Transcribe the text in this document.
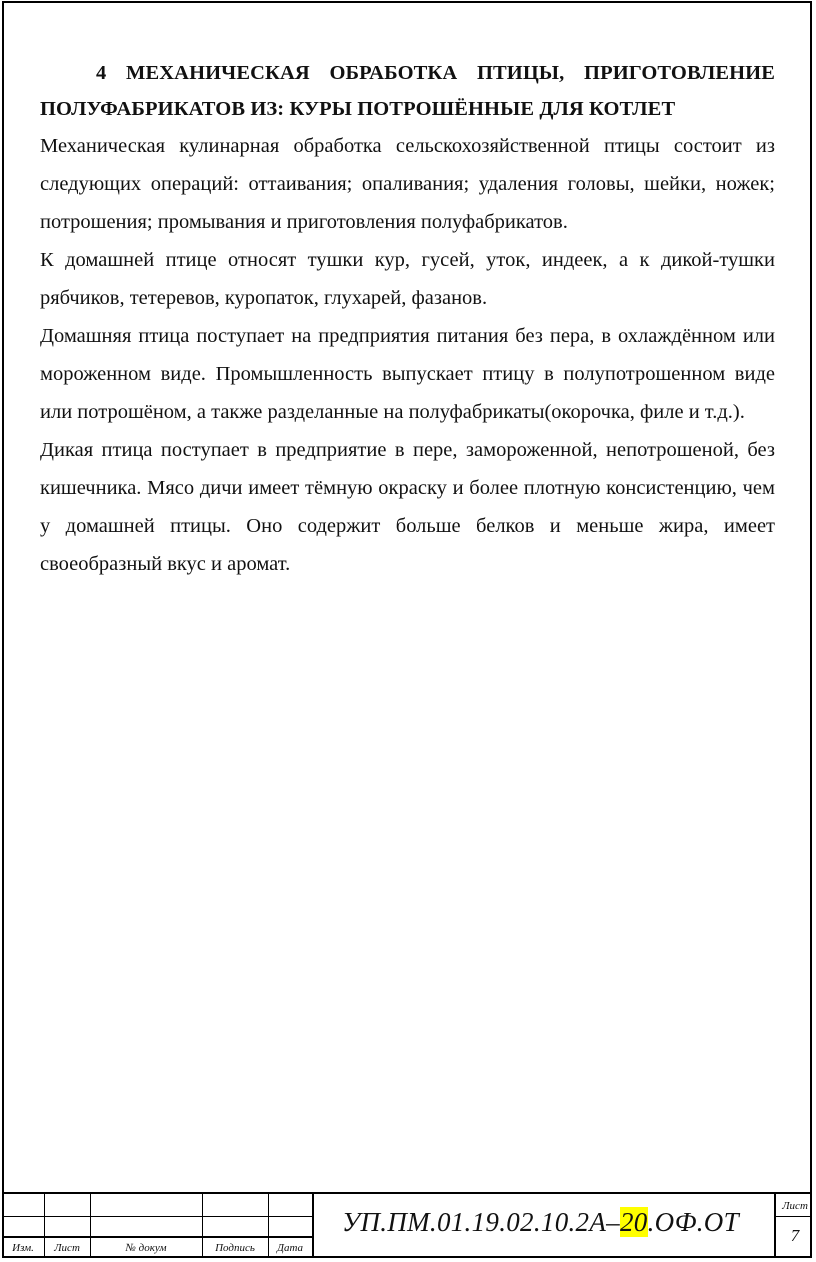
4 МЕХАНИЧЕСКАЯ ОБРАБОТКА ПТИЦЫ, ПРИГОТОВЛЕНИЕ ПОЛУФАБРИКАТОВ ИЗ: КУРЫ ПОТРОШЁННЫЕ ДЛЯ КОТЛЕТ

Механическая кулинарная обработка сельскохозяйственной птицы состоит из следующих операций: оттаивания; опаливания; удаления головы, шейки, ножек; потрошения; промывания и приготовления полуфабрикатов.

К домашней птице относят тушки кур, гусей, уток, индеек, а к дикой-тушки рябчиков, тетеревов, куропаток, глухарей, фазанов.

Домашняя птица поступает на предприятия питания без пера, в охлаждённом или мороженном виде. Промышленность выпускает птицу в полупотрошенном виде или потрошёном, а также разделанные на полуфабрикаты(окорочка, филе и т.д.).

Дикая птица поступает в предприятие в пере, замороженной, непотрошеной, без кишечника. Мясо дичи имеет тёмную окраску и более плотную консистенцию, чем у домашней птицы. Оно содержит больше белков и меньше жира, имеет своеобразный вкус и аромат.

Изм.	Лист	№ докум	Подпись	Дата
УП.ПМ.01.19.02.10.2А–20.ОФ.ОТ
Лист
7
